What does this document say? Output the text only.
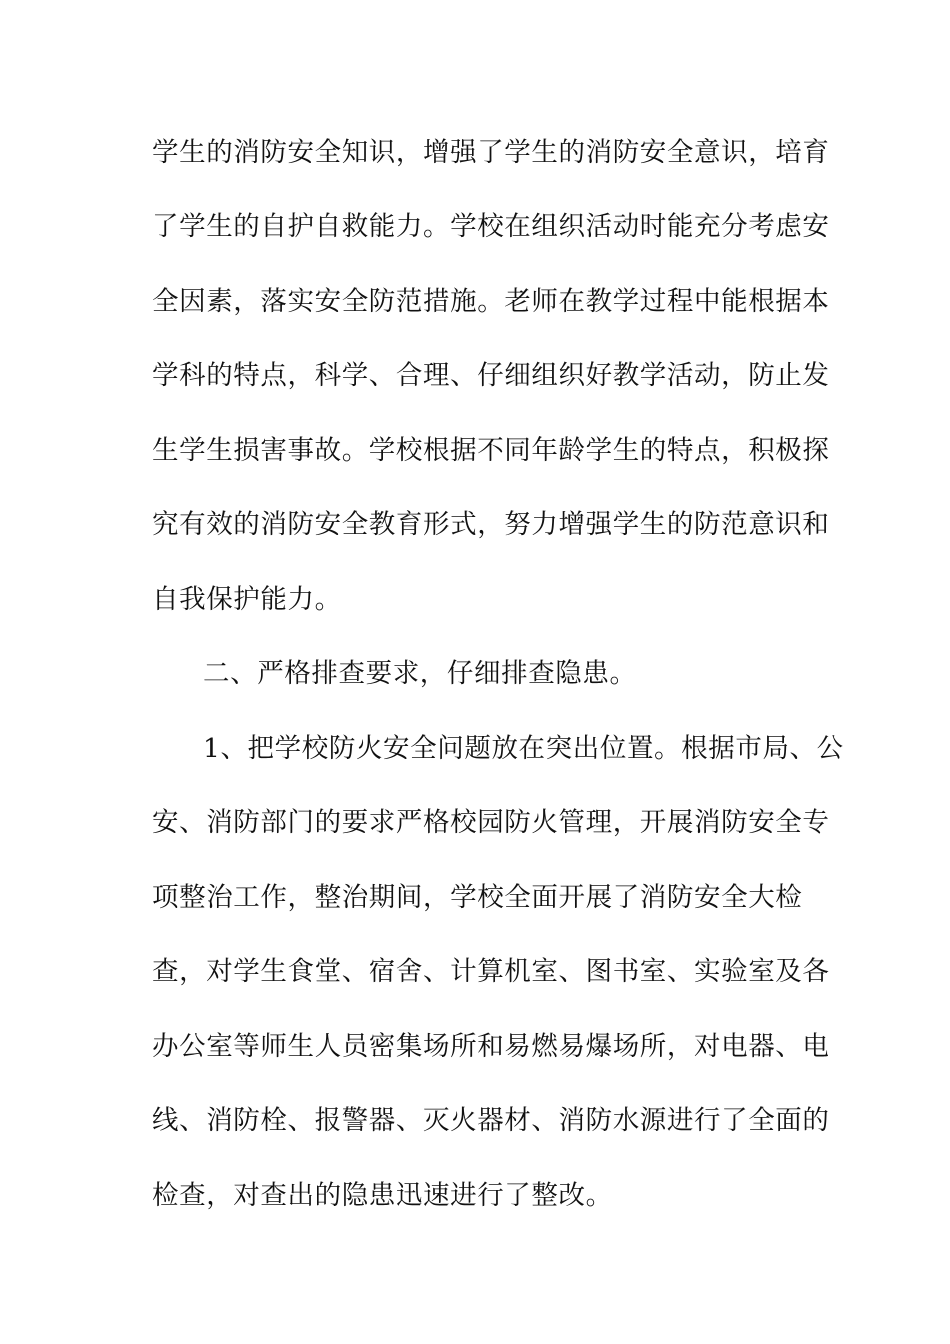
学生的消防安全知识，增强了学生的消防安全意识，培育
了学生的自护自救能力。学校在组织活动时能充分考虑安
全因素，落实安全防范措施。老师在教学过程中能根据本
学科的特点，科学、合理、仔细组织好教学活动，防止发
生学生损害事故。学校根据不同年龄学生的特点，积极探
究有效的消防安全教育形式，努力增强学生的防范意识和
自我保护能力。
二、严格排查要求，仔细排查隐患。
1、把学校防火安全问题放在突出位置。根据市局、公
安、消防部门的要求严格校园防火管理，开展消防安全专
项整治工作，整治期间，学校全面开展了消防安全大检
查，对学生食堂、宿舍、计算机室、图书室、实验室及各
办公室等师生人员密集场所和易燃易爆场所，对电器、电
线、消防栓、报警器、灭火器材、消防水源进行了全面的
检查，对查出的隐患迅速进行了整改。
